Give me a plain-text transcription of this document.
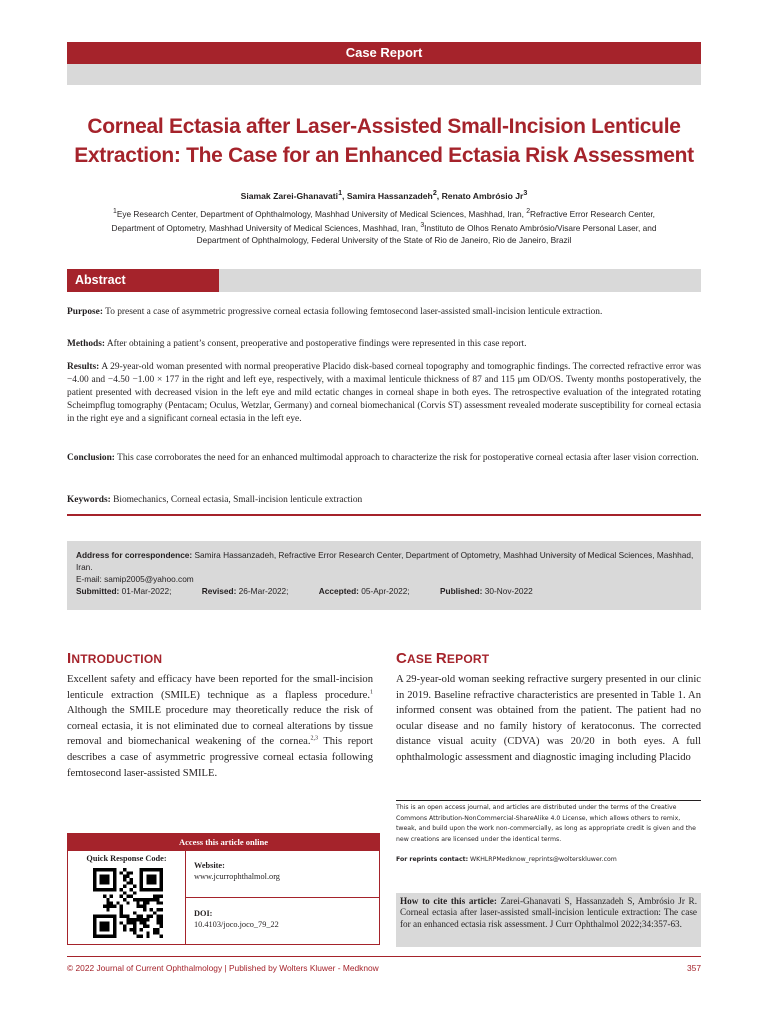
Case Report
Corneal Ectasia after Laser-Assisted Small-Incision Lenticule
Extraction: The Case for an Enhanced Ectasia Risk Assessment
Siamak Zarei-Ghanavati$^1$, Samira Hassanzadeh$^2$, Renato Ambrósio Jr$^3$
$^1$Eye Research Center, Department of Ophthalmology, Mashhad University of Medical Sciences, Mashhad, Iran, $^2$Refractive Error Research Center, Department of Optometry, Mashhad University of Medical Sciences, Mashhad, Iran, $^3$Instituto de Olhos Renato Ambrósio/Visare Personal Laser, and Department of Ophthalmology, Federal University of the State of Rio de Janeiro, Rio de Janeiro, Brazil
Abstract
Purpose: To present a case of asymmetric progressive corneal ectasia following femtosecond laser-assisted small-incision lenticule extraction.
Methods: After obtaining a patient’s consent, preoperative and postoperative findings were represented in this case report.
Results: A 29-year-old woman presented with normal preoperative Placido disk-based corneal topography and tomographic findings. The corrected refractive error was −4.00 and −4.50 −1.00 × 177 in the right and left eye, respectively, with a maximal lenticule thickness of 87 and 115 μm OD/OS. Twenty months postoperatively, the patient presented with decreased vision in the left eye and mild ectatic changes in corneal shape in both eyes. The retrospective evaluation of the integrated rotating Scheimpflug tomography (Pentacam; Oculus, Wetzlar, Germany) and corneal biomechanical (Corvis ST) assessment revealed moderate susceptibility for corneal ectasia in the right eye and a significant corneal ectasia in the left eye.
Conclusion: This case corroborates the need for an enhanced multimodal approach to characterize the risk for postoperative corneal ectasia after laser vision correction.
Keywords: Biomechanics, Corneal ectasia, Small-incision lenticule extraction
Address for correspondence: Samira Hassanzadeh, Refractive Error Research Center, Department of Optometry, Mashhad University of Medical Sciences, Mashhad, Iran.
E-mail: samip2005@yahoo.com
Submitted: 01-Mar-2022;	Revised: 26-Mar-2022;	Accepted: 05-Apr-2022;	Published: 30-Nov-2022
INTRODUCTION
Excellent safety and efficacy have been reported for the small-incision lenticule extraction (SMILE) technique as a flapless procedure.$^1$ Although the SMILE procedure may theoretically reduce the risk of corneal ectasia, it is not eliminated due to corneal alterations by tissue removal and biomechanical weakening of the cornea.$^{2,3}$ This report describes a case of asymmetric progressive corneal ectasia following femtosecond laser-assisted SMILE.
CASE REPORT
A 29-year-old woman seeking refractive surgery presented in our clinic in 2019. Baseline refractive characteristics are presented in Table 1. An informed consent was obtained from the patient. The patient had no ocular disease and no family history of keratoconus. The corrected distance visual acuity (CDVA) was 20/20 in both eyes. A full ophthalmologic assessment and diagnostic imaging including Placido
Access this article online
Quick Response Code:
Website:
www.jcurrophthalmol.org
DOI:
10.4103/joco.joco_79_22
This is an open access journal, and articles are distributed under the terms of the Creative Commons Attribution-NonCommercial-ShareAlike 4.0 License, which allows others to remix, tweak, and build upon the work non-commercially, as long as appropriate credit is given and the new creations are licensed under the identical terms.
For reprints contact: WKHLRPMedknow_reprints@wolterskluwer.com
How to cite this article: Zarei-Ghanavati S, Hassanzadeh S, Ambrósio Jr R. Corneal ectasia after laser-assisted small-incision lenticule extraction: The case for an enhanced ectasia risk assessment. J Curr Ophthalmol 2022;34:357-63.
© 2022 Journal of Current Ophthalmology | Published by Wolters Kluwer - Medknow	357
